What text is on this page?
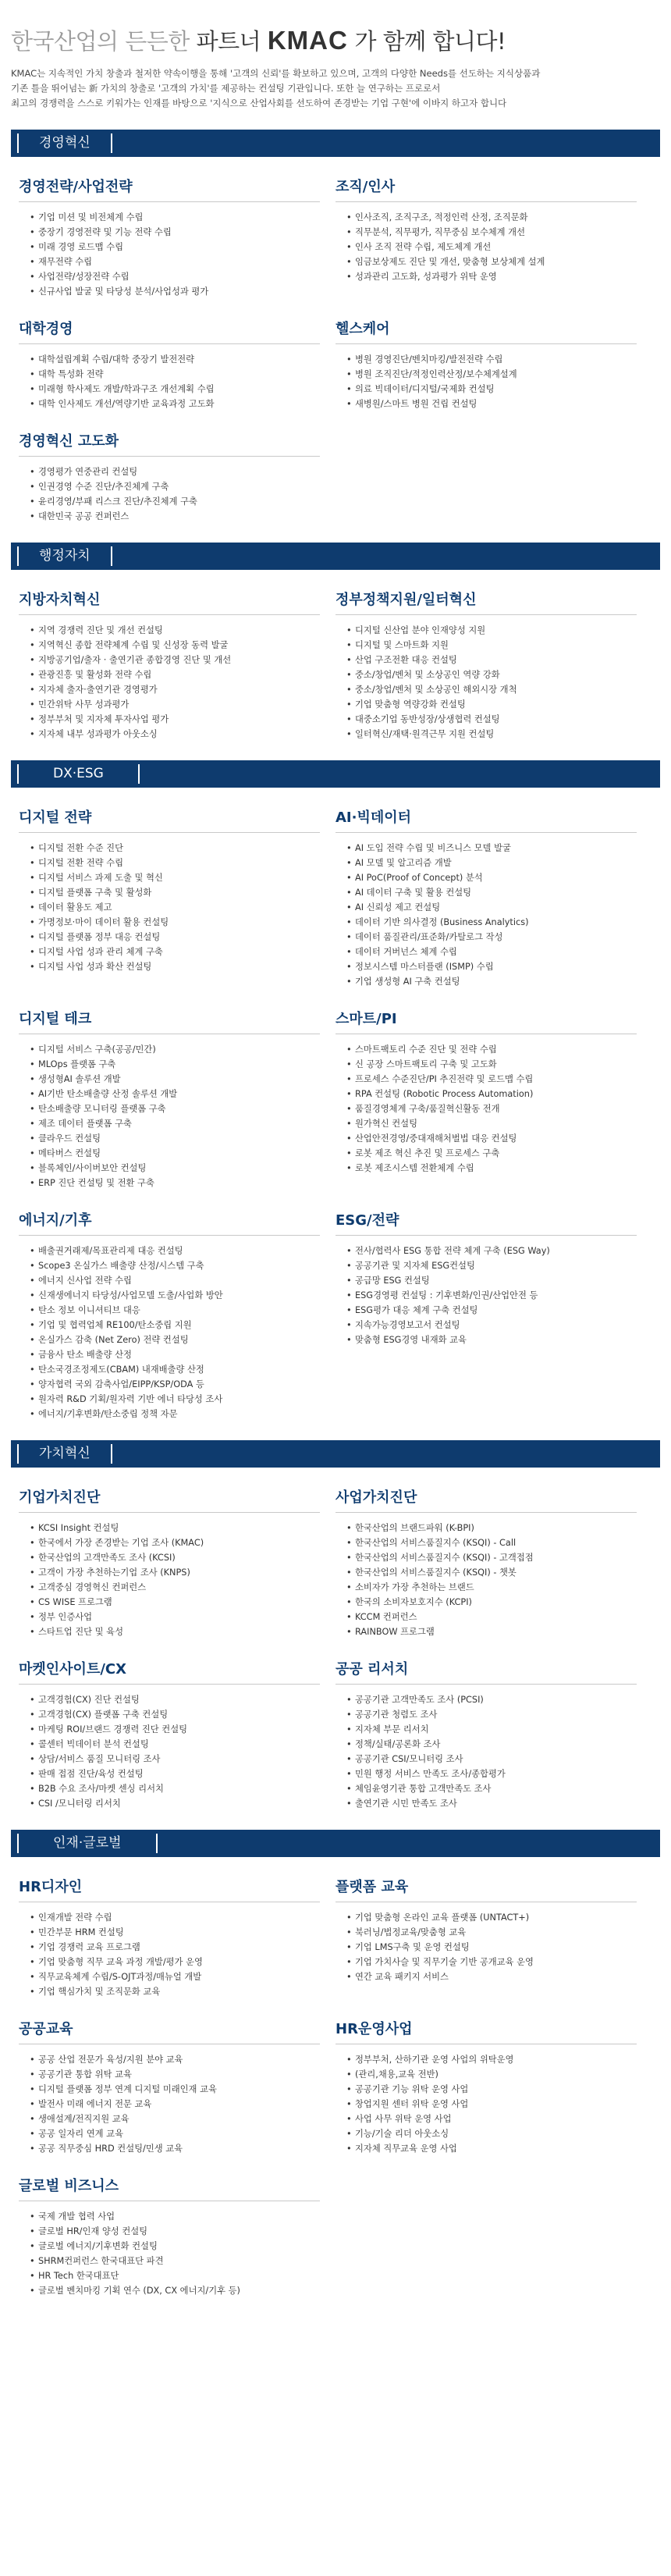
한국산업의 든든한 파트너 KMAC 가 함께 합니다!
KMAC는 지속적인 가치 창출과 철저한 약속이행을 통해 '고객의 신뢰'를 확보하고 있으며, 고객의 다양한 Needs를 선도하는 지식상품과
기존 틀을 뛰어넘는 新 가치의 창출로 '고객의 가치'를 제공하는 컨설팅 기관입니다. 또한 늘 연구하는 프로로서
최고의 경쟁력을 스스로 키워가는 인재를 바탕으로 '지식으로 산업사회를 선도하여 존경받는 기업 구현'에 이바지 하고자 합니다
경영혁신
경영전략/사업전략
• 기업 미션 및 비전체계 수립
• 중장기 경영전략 및 기능 전략 수립
• 미래 경영 로드맵 수립
• 재무전략 수립
• 사업전략/성장전략 수립
• 신규사업 발굴 및 타당성 분석/사업성과 평가
조직/인사
• 인사조직, 조직구조, 적정인력 산정, 조직문화
• 직무분석, 직무평가, 직무중심 보수체계 개선
• 인사 조직 전략 수립, 제도체계 개선
• 임금보상제도 진단 및 개선, 맞춤형 보상체계 설계
• 성과관리 고도화, 성과평가 위탁 운영
대학경영
• 대학설립계획 수립/대학 중장기 발전전략
• 대학 특성화 전략
• 미래형 학사제도 개발/학과구조 개선계획 수립
• 대학 인사제도 개선/역량기반 교육과정 고도화
헬스케어
• 병원 경영진단/벤치마킹/발전전략 수립
• 병원 조직진단/적정인력산정/보수체계설계
• 의료 빅데이터/디지털/국제화 컨설팅
• 새병원/스마트 병원 건립 컨설팅
경영혁신 고도화
• 경영평가 연중관리 컨설팅
• 인권경영 수준 진단/추진체계 구축
• 윤리경영/부패 리스크 진단/추진체계 구축
• 대한민국 공공 컨퍼런스
행정자치
지방자치혁신
• 지역 경쟁력 진단 및 개선 컨설팅
• 지역혁신 종합 전략체계 수립 및 신성장 동력 발굴
• 지방공기업/출자 · 출연기관 종합경영 진단 및 개선
• 관광진흥 및 활성화 전략 수립
• 지자체 출자·출연기관 경영평가
• 민간위탁 사무 성과평가
• 정부부처 및 지자체 투자사업 평가
• 지자체 내부 성과평가 아웃소싱
정부정책지원/일터혁신
• 디지털 신산업 분야 인재양성 지원
• 디지털 및 스마트화 지원
• 산업 구조전환 대응 컨설팅
• 중소/창업/벤처 및 소상공인 역량 강화
• 중소/창업/벤처 및 소상공인 해외시장 개척
• 기업 맞춤형 역량강화 컨설팅
• 대중소기업 동반성장/상생협력 컨설팅
• 일터혁신/재택·원격근무 지원 컨설팅
DX·ESG
디지털 전략
• 디지털 전환 수준 진단
• 디지털 전환 전략 수립
• 디지털 서비스 과제 도출 및 혁신
• 디지털 플랫폼 구축 및 활성화
• 데이터 활용도 제고
• 가명정보·마이 데이터 활용 컨설팅
• 디지털 플랫폼 정부 대응 컨설팅
• 디지털 사업 성과 관리 체계 구축
• 디지털 사업 성과 확산 컨설팅
AI·빅데이터
• AI 도입 전략 수립 및 비즈니스 모델 발굴
• AI 모델 및 알고리즘 개발
• AI PoC(Proof of Concept) 분석
• AI 데이터 구축 및 활용 컨설팅
• AI 신뢰성 제고 컨설팅
• 데이터 기반 의사결정 (Business Analytics)
• 데이터 품질관리/표준화/카탈로그 작성
• 데이터 거버넌스 체계 수립
• 정보시스템 마스터플랜 (ISMP) 수립
• 기업 생성형 AI 구축 컨설팅
디지털 테크
• 디지털 서비스 구축(공공/민간)
• MLOps 플랫폼 구축
• 생성형AI 솔루션 개발
• AI기반 탄소배출량 산정 솔루션 개발
• 탄소배출량 모니터링 플랫폼 구축
• 제조 데이터 플랫폼 구축
• 클라우드 컨설팅
• 메타버스 컨설팅
• 블록체인/사이버보안 컨설팅
• ERP 진단 컨설팅 및 전환 구축
스마트/PI
• 스마트팩토리 수준 진단 및 전략 수립
• 신 공장 스마트팩토리 구축 및 고도화
• 프로세스 수준진단/PI 추진전략 및 로드맵 수립
• RPA 컨설팅 (Robotic Process Automation)
• 품질경영체계 구축/품질혁신활동 전개
• 원가혁신 컨설팅
• 산업안전경영/중대재해처벌법 대응 컨설팅
• 로봇 제조 혁신 추진 및 프로세스 구축
• 로봇 제조시스템 전환체계 수립
에너지/기후
• 배출권거래제/목표관리제 대응 컨설팅
• Scope3 온실가스 배출량 산정/시스템 구축
• 에너지 신사업 전략 수립
• 신재생에너지 타당성/사업모델 도출/사업화 방안
• 탄소 정보 이니셔티브 대응
• 기업 및 협력업체 RE100/탄소중립 지원
• 온실가스 감축 (Net Zero) 전략 컨설팅
• 금융사 탄소 배출량 산정
• 탄소국경조정제도(CBAM) 내재배출량 산정
• 양자협력 국외 감축사업/EIPP/KSP/ODA 등
• 원자력 R&D 기획/원자력 기반 에너 타당성 조사
• 에너지/기후변화/탄소중립 정책 자문
ESG/전략
• 전사/협력사 ESG 통합 전략 체계 구축 (ESG Way)
• 공공기관 및 지자체 ESG컨설팅
• 공급망 ESG 컨설팅
• ESG경영평 컨설팅 : 기후변화/인권/산업안전 등
• ESG평가 대응 체계 구축 컨설팅
• 지속가능경영보고서 컨설팅
• 맞춤형 ESG경영 내재화 교육
가치혁신
기업가치진단
• KCSI Insight 컨설팅
• 한국에서 가장 존경받는 기업 조사 (KMAC)
• 한국산업의 고객만족도 조사 (KCSI)
• 고객이 가장 추천하는기업 조사 (KNPS)
• 고객중심 경영혁신 컨퍼런스
• CS WISE 프로그램
• 정부 인증사업
• 스타트업 진단 및 육성
사업가치진단
• 한국산업의 브랜드파워 (K-BPI)
• 한국산업의 서비스품질지수 (KSQI) - Call
• 한국산업의 서비스품질지수 (KSQI) - 고객접점
• 한국산업의 서비스품질지수 (KSQI) - 챗봇
• 소비자가 가장 추천하는 브랜드
• 한국의 소비자보호지수 (KCPI)
• KCCM 컨퍼런스
• RAINBOW 프로그램
마켓인사이트/CX
• 고객경험(CX) 진단 컨설팅
• 고객경험(CX) 플랫폼 구축 컨설팅
• 마케팅 ROI/브랜드 경쟁력 진단 컨설팅
• 콜센터 빅데이터 분석 컨설팅
• 상담/서비스 품질 모니터링 조사
• 판매 접점 진단/육성 컨설팅
• B2B 수요 조사/마켓 센싱 리서치
• CSI /모니터링 리서치
공공 리서치
• 공공기관 고객만족도 조사 (PCSI)
• 공공기관 청렴도 조사
• 지자체 부문 리서치
• 정책/실태/공론화 조사
• 공공기관 CSI/모니터링 조사
• 민원 행정 서비스 만족도 조사/종합평가
• 체임윤영기관 통합 고객만족도 조사
• 출연기관 시민 만족도 조사
인재·글로벌
HR디자인
• 인재개발 전략 수립
• 민간부문 HRM 컨설팅
• 기업 경쟁력 교육 프로그램
• 기업 맞춤형 직무 교육 과정 개발/평가 운영
• 직무교육체계 수립/S-OJT과정/매뉴얼 개발
• 기업 핵심가치 및 조직문화 교육
플랫폼 교육
• 기업 맞춤형 온라인 교육 플랫폼 (UNTACT+)
• 북러닝/법정교육/맞춤형 교육
• 기업 LMS구축 및 운영 컨설팅
• 기업 가치사슬 및 직무기술 기반 공개교육 운영
• 연간 교육 패키지 서비스
공공교육
• 공공 산업 전문가 육성/지원 분야 교육
• 공공기관 통합 위탁 교육
• 디지털 플랫폼 정부 연계 디지털 미래인재 교육
• 발전사 미래 에너지 전문 교육
• 생애설계/전직지원 교육
• 공공 일자리 연계 교육
• 공공 직무중심 HRD 컨설팅/민생 교육
HR운영사업
• 정부부처, 산하기관 운영 사업의 위탁운영
• (관리,채용,교육 전반)
• 공공기관 기능 위탁 운영 사업
• 창업지원 센터 위탁 운영 사업
• 사업 사무 위탁 운영 사업
• 기능/기술 리더 아웃소싱
• 지자체 직무교육 운영 사업
글로벌 비즈니스
• 국제 개발 협력 사업
• 글로벌 HR/인재 양성 컨설팅
• 글로벌 에너지/기후변화 컨설팅
• SHRM컨퍼런스 한국대표단 파견
• HR Tech 한국대표단
• 글로벌 벤치마킹 기획 연수 (DX, CX 에너지/기후 등)
